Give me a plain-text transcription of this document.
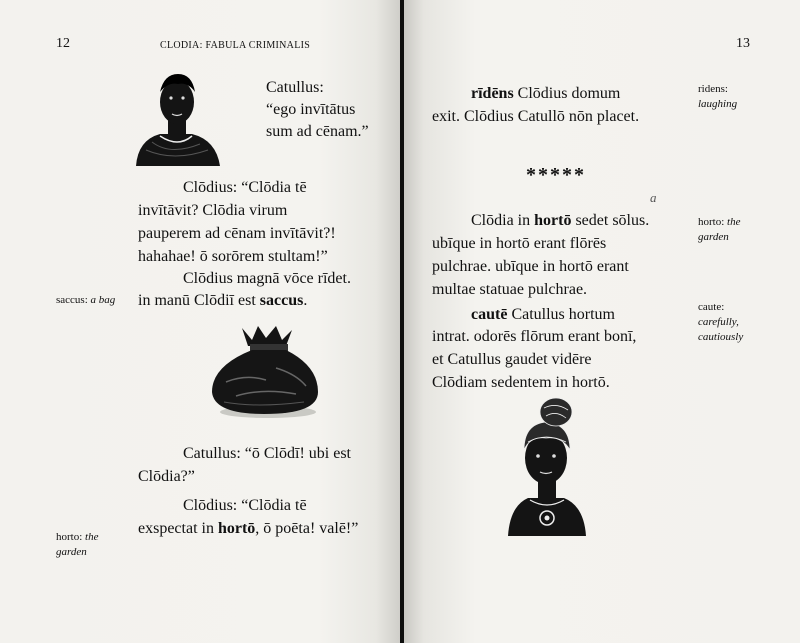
12	CLODIA: FABULA CRIMINALIS
Catullus:
“ego invītātus
sum ad cēnam.”
Clōdius: “Clōdia tē
invītāvit? Clōdia virum
pauperem ad cēnam invītāvit?!
hahahae! ō sorōrem stultam!”
Clōdius magnā vōce rīdet.
in manū Clōdiī est saccus.
saccus: a bag
Catullus: “ō Clōdī! ubi est
Clōdia?”
Clōdius: “Clōdia tē
exspectat in hortō, ō poēta! valē!”
horto: the
garden
13
rīdēns Clōdius domum
exit. Clōdius Catullō nōn placet.
ridens:
laughing
*****
a
Clōdia in hortō sedet sōlus.
ubīque in hortō erant flōrēs
pulchrae. ubīque in hortō erant
multae statuae pulchrae.
horto: the
garden
cautē Catullus hortum
intrat. odorēs flōrum erant bonī,
et Catullus gaudet vidēre
Clōdiam sedentem in hortō.
caute:
carefully,
cautiously
